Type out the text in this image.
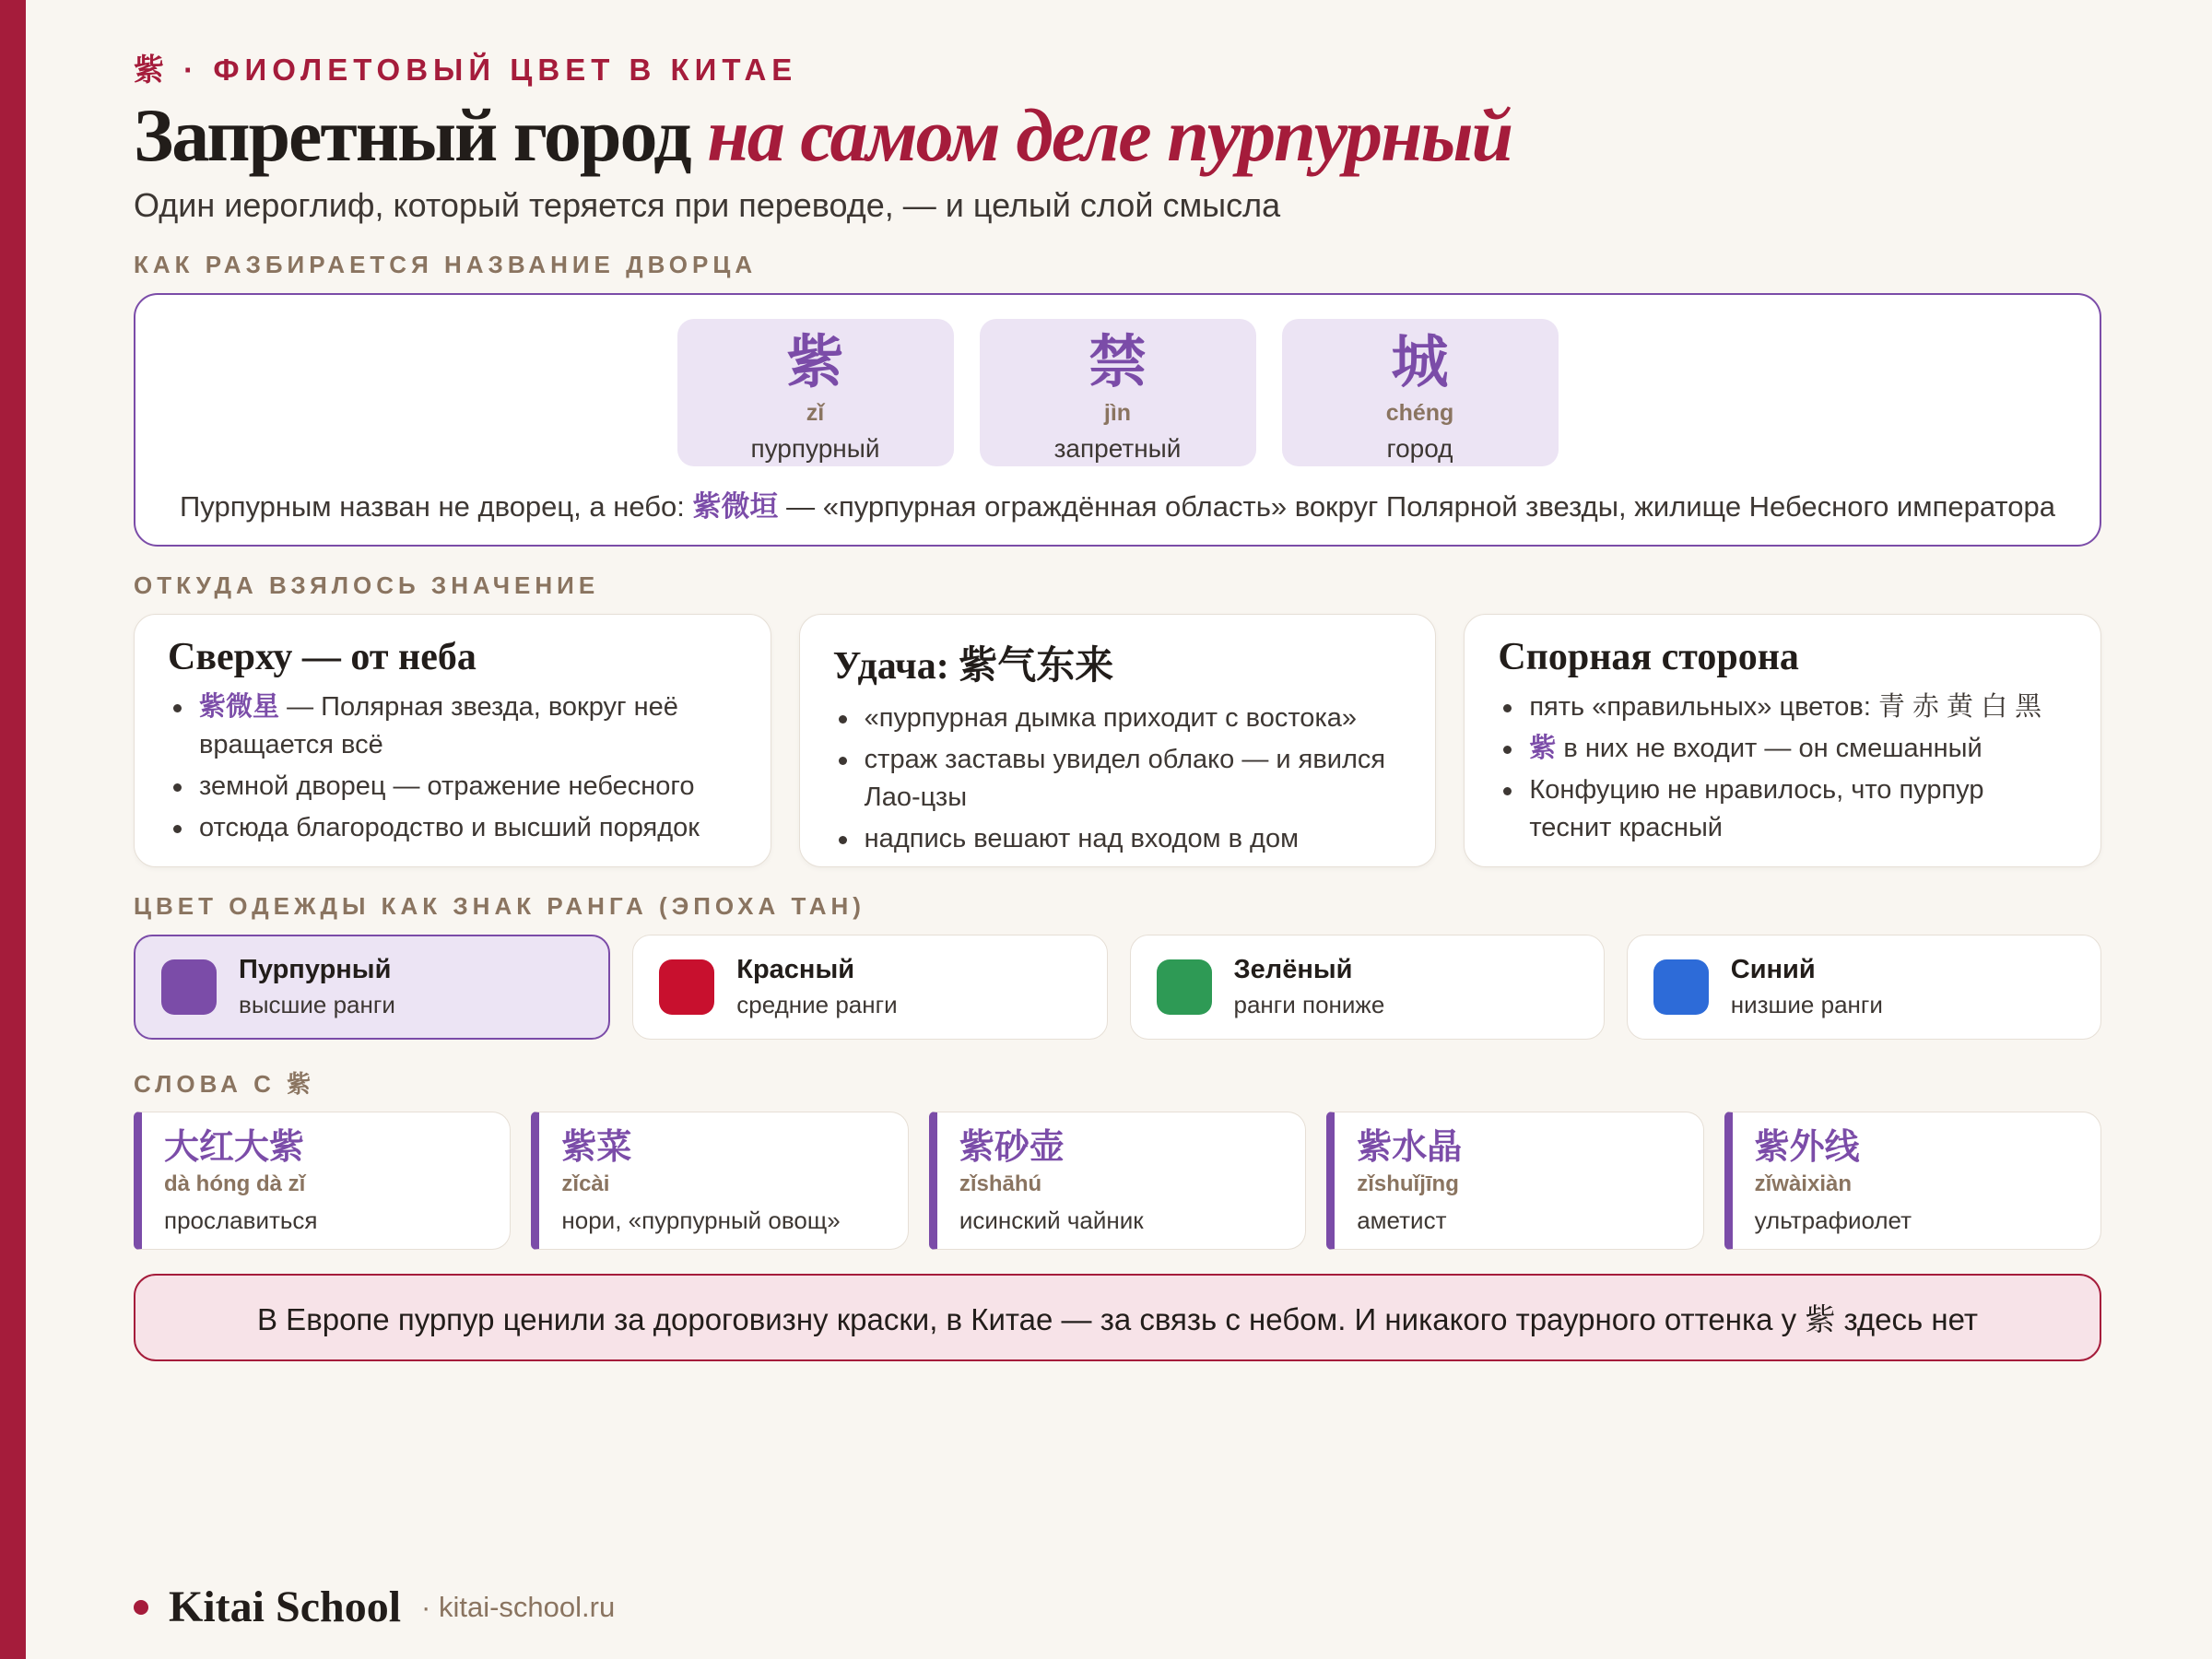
紫 · ФИОЛЕТОВЫЙ ЦВЕТ В КИТАЕ
Запретный город на самом деле пурпурный
Один иероглиф, который теряется при переводе, — и целый слой смысла
КАК РАЗБИРАЕТСЯ НАЗВАНИЕ ДВОРЦА
紫
zǐ
пурпурный
禁
jìn
запретный
城
chéng
город
Пурпурным назван не дворец, а небо: 紫微垣 — «пурпурная ограждённая область» вокруг Полярной звезды, жилище Небесного императора
ОТКУДА ВЗЯЛОСЬ ЗНАЧЕНИЕ
Сверху — от неба
紫微星 — Полярная звезда, вокруг неё вращается всё
земной дворец — отражение небесного
отсюда благородство и высший порядок
Удача: 紫气东来
«пурпурная дымка приходит с востока»
страж заставы увидел облако — и явился Лао-цзы
надпись вешают над входом в дом
Спорная сторона
пять «правильных» цветов: 青 赤 黄 白 黑
紫 в них не входит — он смешанный
Конфуцию не нравилось, что пурпур теснит красный
ЦВЕТ ОДЕЖДЫ КАК ЗНАК РАНГА (ЭПОХА ТАН)
Пурпурный
высшие ранги
Красный
средние ранги
Зелёный
ранги пониже
Синий
низшие ранги
СЛОВА С 紫
大红大紫
dà hóng dà zǐ
прославиться
紫菜
zǐcài
нори, «пурпурный овощ»
紫砂壶
zǐshāhú
исинский чайник
紫水晶
zǐshuǐjīng
аметист
紫外线
zǐwàixiàn
ультрафиолет
В Европе пурпур ценили за дороговизну краски, в Китае — за связь с небом. И никакого траурного оттенка у 紫 здесь нет
Kitai School · kitai-school.ru
